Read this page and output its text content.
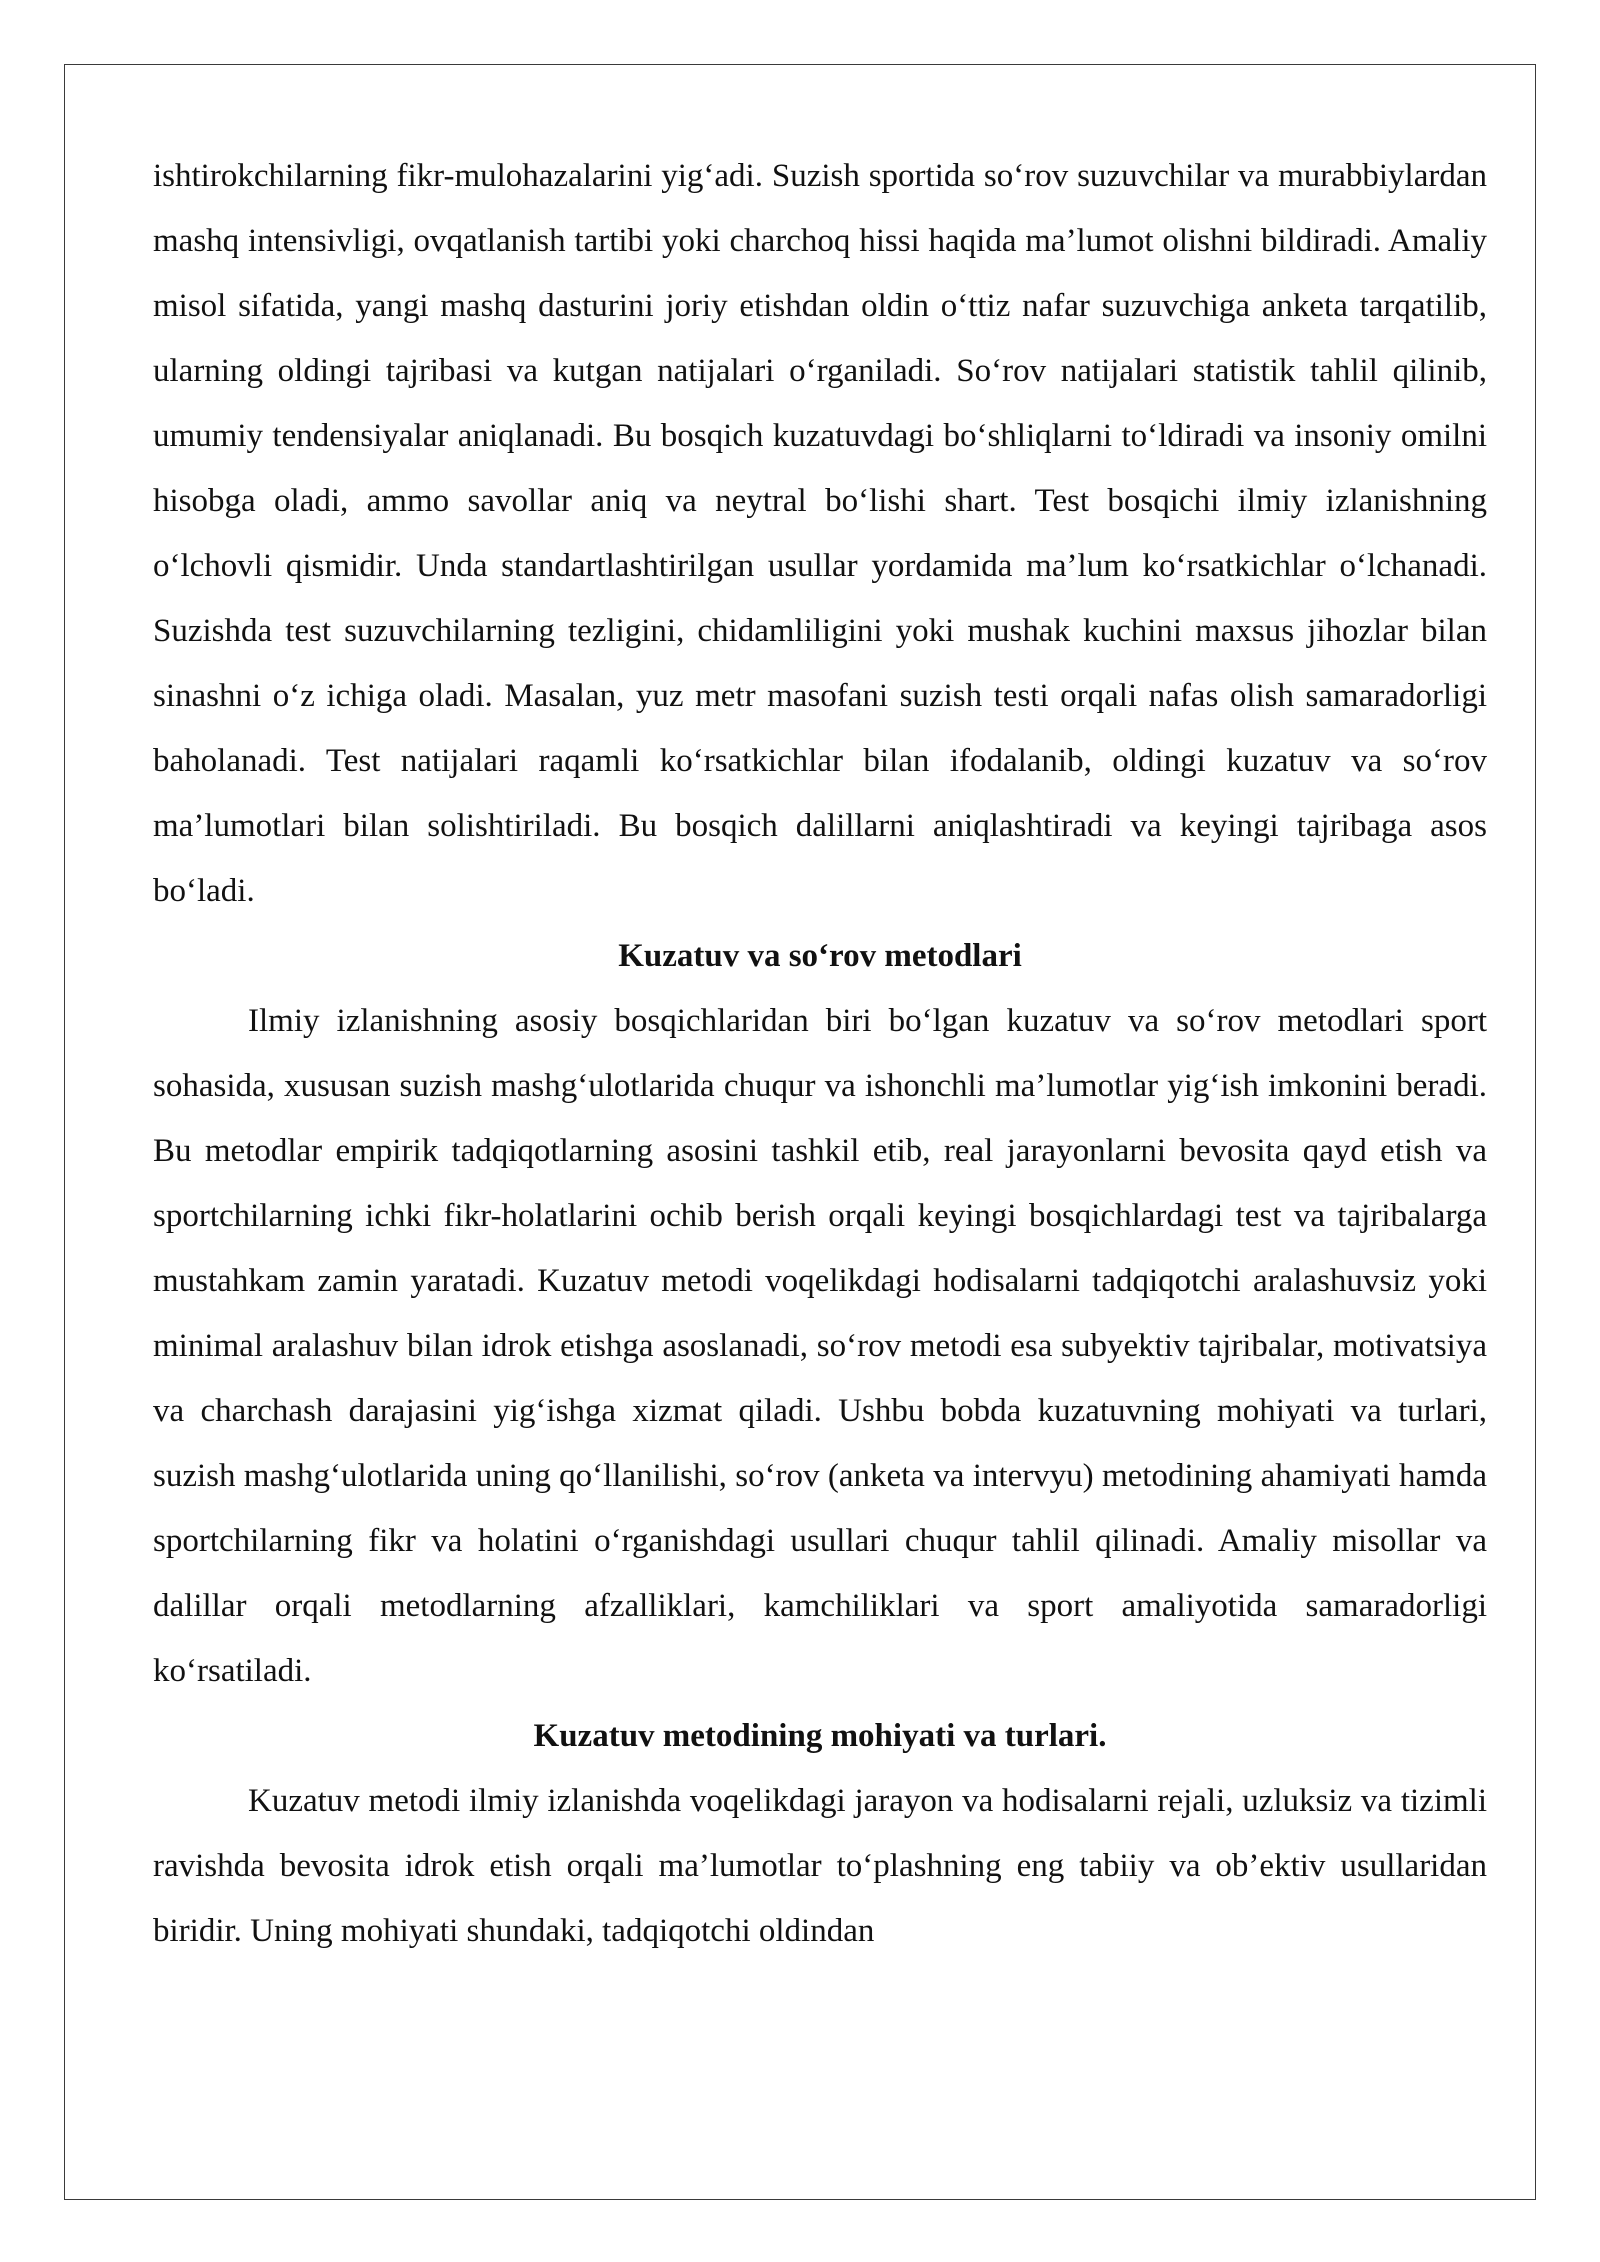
ishtirokchilarning fikr-mulohazalarini yig‘adi. Suzish sportida so‘rov suzuvchilar va murabbiylardan mashq intensivligi, ovqatlanish tartibi yoki charchoq hissi haqida ma’lumot olishni bildiradi. Amaliy misol sifatida, yangi mashq dasturini joriy etishdan oldin o‘ttiz nafar suzuvchiga anketa tarqatilib, ularning oldingi tajribasi va kutgan natijalari o‘rganiladi. So‘rov natijalari statistik tahlil qilinib, umumiy tendensiyalar aniqlanadi. Bu bosqich kuzatuvdagi bo‘shliqlarni to‘ldiradi va insoniy omilni hisobga oladi, ammo savollar aniq va neytral bo‘lishi shart. Test bosqichi ilmiy izlanishning o‘lchovli qismidir. Unda standartlashtirilgan usullar yordamida ma’lum ko‘rsatkichlar o‘lchanadi. Suzishda test suzuvchilarning tezligini, chidamliligini yoki mushak kuchini maxsus jihozlar bilan sinashni o‘z ichiga oladi. Masalan, yuz metr masofani suzish testi orqali nafas olish samaradorligi baholanadi. Test natijalari raqamli ko‘rsatkichlar bilan ifodalanib, oldingi kuzatuv va so‘rov ma’lumotlari bilan solishtiriladi. Bu bosqich dalillarni aniqlashtiradi va keyingi tajribaga asos bo‘ladi.

Kuzatuv va so‘rov metodlari

Ilmiy izlanishning asosiy bosqichlaridan biri bo‘lgan kuzatuv va so‘rov metodlari sport sohasida, xususan suzish mashg‘ulotlarida chuqur va ishonchli ma’lumotlar yig‘ish imkonini beradi. Bu metodlar empirik tadqiqotlarning asosini tashkil etib, real jarayonlarni bevosita qayd etish va sportchilarning ichki fikr-holatlarini ochib berish orqali keyingi bosqichlardagi test va tajribalarga mustahkam zamin yaratadi. Kuzatuv metodi voqelikdagi hodisalarni tadqiqotchi aralashuvsiz yoki minimal aralashuv bilan idrok etishga asoslanadi, so‘rov metodi esa subyektiv tajribalar, motivatsiya va charchash darajasini yig‘ishga xizmat qiladi. Ushbu bobda kuzatuvning mohiyati va turlari, suzish mashg‘ulotlarida uning qo‘llanilishi, so‘rov (anketa va intervyu) metodining ahamiyati hamda sportchilarning fikr va holatini o‘rganishdagi usullari chuqur tahlil qilinadi. Amaliy misollar va dalillar orqali metodlarning afzalliklari, kamchiliklari va sport amaliyotida samaradorligi ko‘rsatiladi.

Kuzatuv metodining mohiyati va turlari.

Kuzatuv metodi ilmiy izlanishda voqelikdagi jarayon va hodisalarni rejali, uzluksiz va tizimli ravishda bevosita idrok etish orqali ma’lumotlar to‘plashning eng tabiiy va ob’ektiv usullaridan biridir. Uning mohiyati shundaki, tadqiqotchi oldindan
